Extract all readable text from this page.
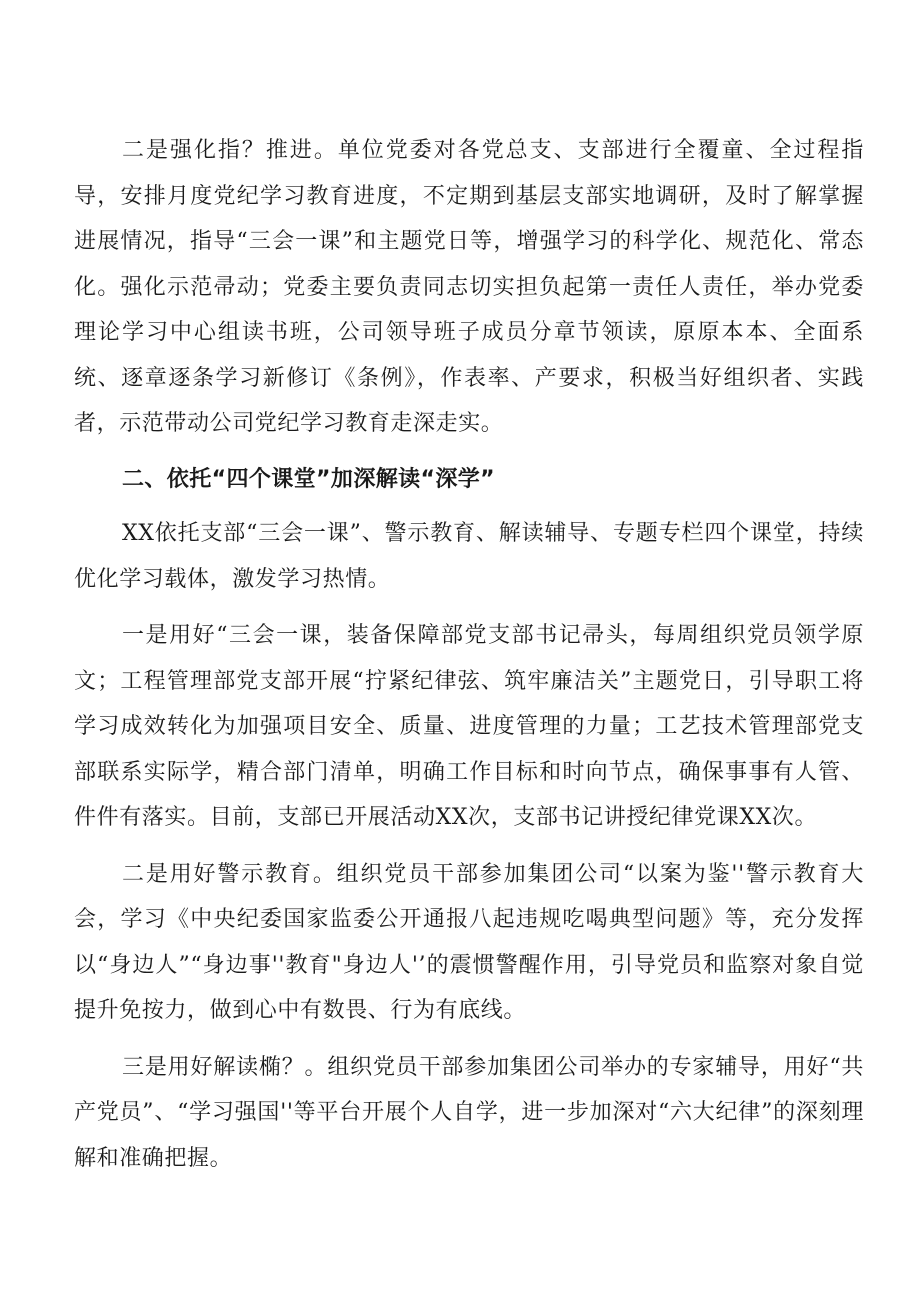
二是强化指？推进。单位党委对各党总支、支部进行全覆童、全过程指导，安排月度党纪学习教育进度，不定期到基层支部实地调研，及时了解掌握进展情况，指导“三会一课”和主题党日等，增强学习的科学化、规范化、常态化。强化示范帚动；党委主要负责同志切实担负起第一责任人责任，举办党委理论学习中心组读书班，公司领导班子成员分章节领读，原原本本、全面系统、逐章逐条学习新修订《条例》，作表率、产要求，积极当好组织者、实践者，示范带动公司党纪学习教育走深走实。

二、依托“四个课堂”加深解读“深学”

XX依托支部“三会一课”、警示教育、解读辅导、专题专栏四个课堂，持续优化学习载体，激发学习热情。

一是用好“三会一课，装备保障部党支部书记帚头，每周组织党员领学原文；工程管理部党支部开展“拧紧纪律弦、筑牢廉洁关”主题党日，引导职工将学习成效转化为加强项目安全、质量、进度管理的力量；工艺技术管理部党支部联系实际学，精合部门清单，明确工作目标和时向节点，确保事事有人管、件件有落实。目前，支部已开展活动XX次，支部书记讲授纪律党课XX次。

二是用好警示教育。组织党员干部参加集团公司“以案为鉴''警示教育大会，学习《中央纪委国家监委公开通报八起违规吃喝典型问题》等，充分发挥以“身边人”“身边事''教育"身边人'’的震惯警醒作用，引导党员和监察对象自觉提升免按力，做到心中有数畏、行为有底线。

三是用好解读椭？。组织党员干部参加集团公司举办的专家辅导，用好“共产党员”、“学习强国''等平台开展个人自学，进一步加深对“六大纪律”的深刻理解和准确把握。
